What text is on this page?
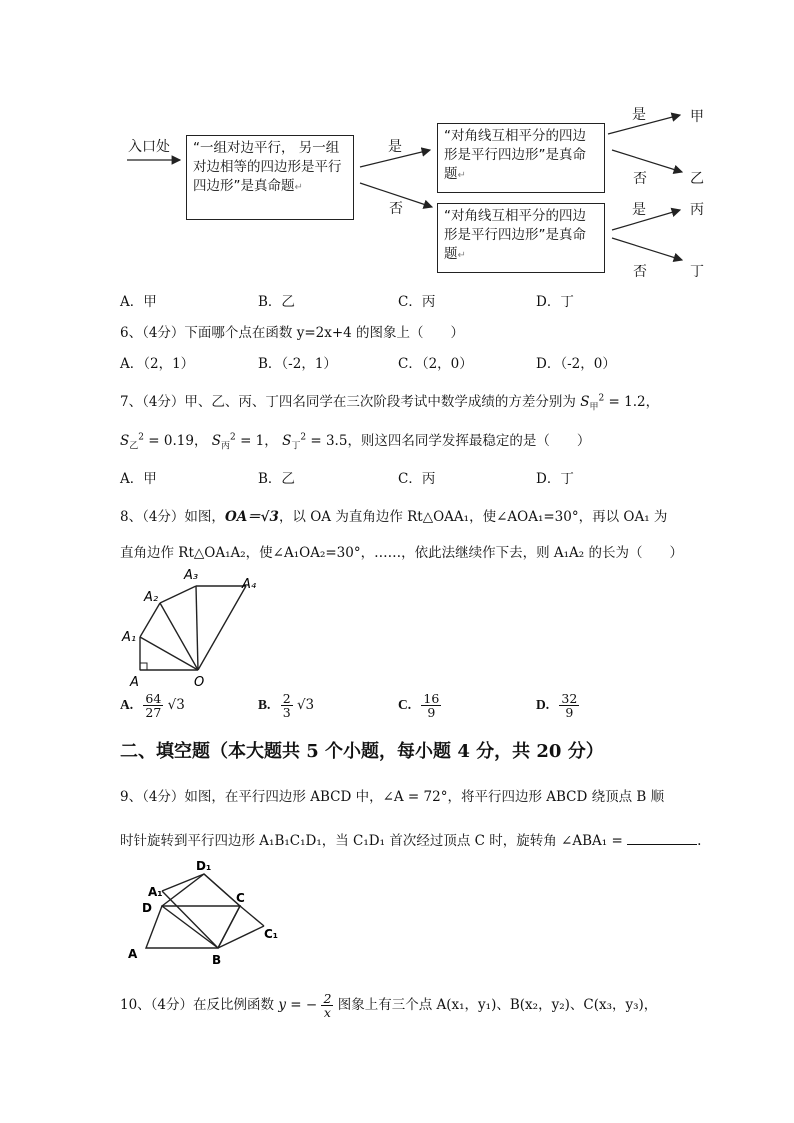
入口处	“一组对边平行， 另一组对边相等的四边形是平行四边形”是真命题↵
是
否
“对角线互相平分的四边形是平行四边形”是真命题↵
“对角线互相平分的四边形是平行四边形”是真命题↵
是
否
是
否
甲
乙
丙
丁
A．甲	B．乙	C．丙	D．丁
6、（4分）下面哪个点在函数 y=2x+4 的图象上（　　）
A．（2，1）	B．（-2，1）	C．（2，0）	D．（-2，0）
7、（4分）甲、乙、丙、丁四名同学在三次阶段考试中数学成绩的方差分别为 $S_甲^2 = 1.2$，
$S_乙^2 = 0.19$， $S_丙^2 = 1$， $S_丁^2 = 3.5$，则这四名同学发挥最稳定的是（　　）
A．甲	B．乙	C．丙	D．丁
8、（4分）如图，OA＝√3，以 OA 为直角边作 Rt△OAA₁，使∠AOA₁=30°，再以 OA₁ 为
直角边作 Rt△OA₁A₂，使∠A₁OA₂=30°，……，依此法继续作下去，则 A₁A₂ 的长为（　　）
A
A₁
A₂
A₃
A₄
O
A. $\frac{64}{27} √3$	B. $\frac{2}{3} √3$	C. $\frac{16}{9}$	D. $\frac{32}{9}$
二、填空题（本大题共 5 个小题，每小题 4 分，共 20 分）
9、（4分）如图，在平行四边形 ABCD 中，∠A = 72°，将平行四边形 ABCD 绕顶点 B 顺
时针旋转到平行四边形 A₁B₁C₁D₁，当 C₁D₁ 首次经过顶点 C 时，旋转角 ∠ABA₁ =	.
D₁
A₁
D
C
C₁
A	B
10、（4分）在反比例函数 y = − $\frac{2}{x}$ 图象上有三个点 A(x₁，y₁)、B(x₂，y₂)、C(x₃，y₃)，
